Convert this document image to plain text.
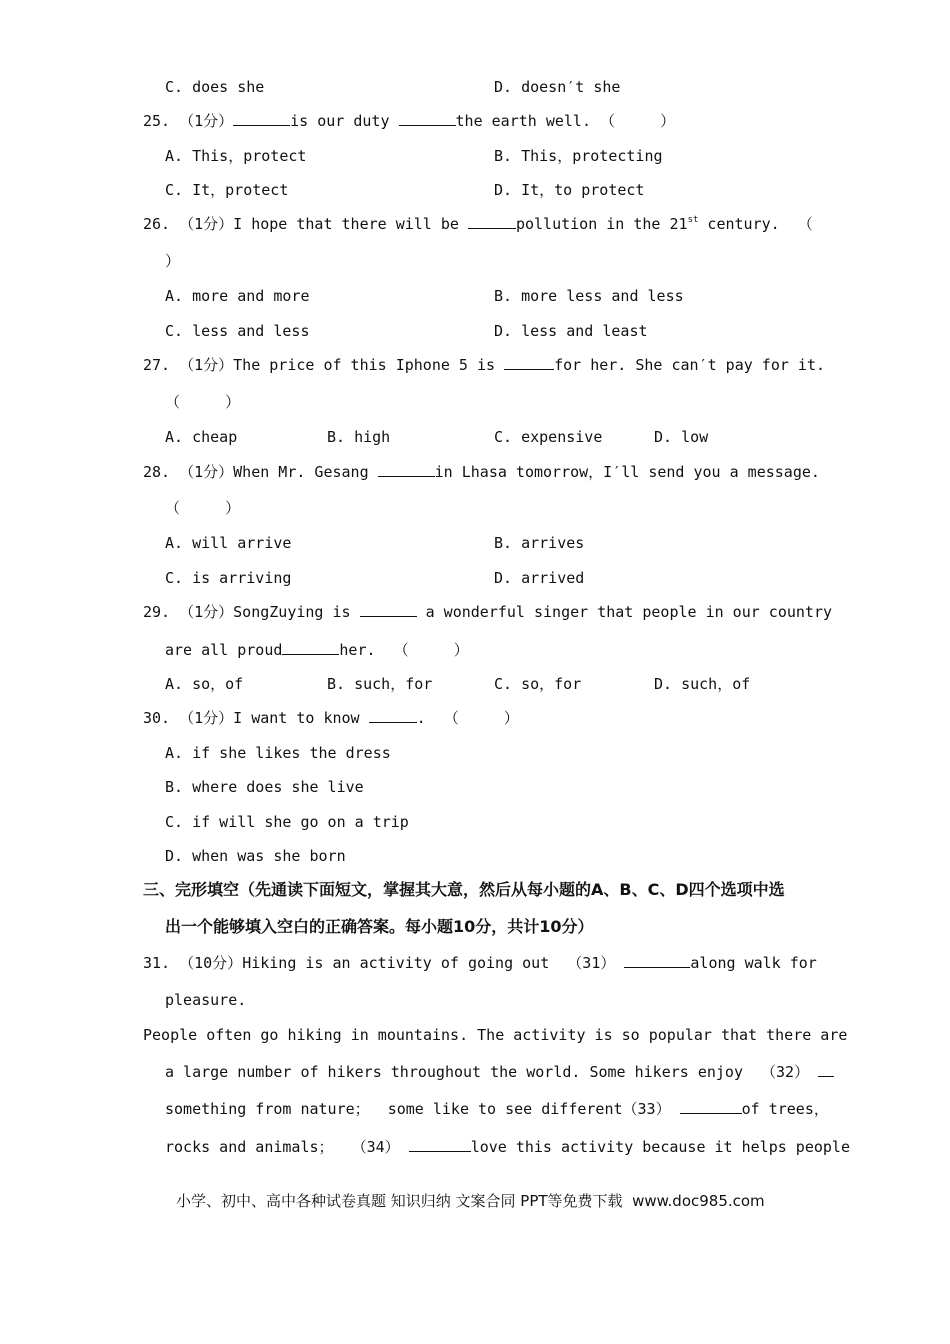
C. does she	D. doesn′t she
25. （1分）	is our duty	the earth well. （     ）
A. This，protect	B. This，protecting
C. It，protect	D. It，to protect
26. （1分）I hope that there will be	pollution in the 21st century.  （
）
A. more and more	B. more less and less
C. less and less	D. less and least
27. （1分）The price of this Iphone 5 is	for her. She can′t pay for it.
（     ）
A. cheap	B. high	C. expensive	D. low
28. （1分）When Mr. Gesang	in Lhasa tomorrow，I′ll send you a message.
（     ）
A. will arrive	B. arrives
C. is arriving	D. arrived
29. （1分）SongZuying is	a wonderful singer that people in our country
are all proud	her.  （     ）
A. so，of	B. such，for	C. so，for	D. such，of
30. （1分）I want to know	.  （     ）
A. if she likes the dress
B. where does she live
C. if will she go on a trip
D. when was she born
三、完形填空（先通读下面短文，掌握其大意，然后从每小题的A、B、C、D四个选项中选
出一个能够填入空白的正确答案。每小题10分，共计10分）
31. （10分）Hiking is an activity of going out  （31）	along walk for
pleasure.
People often go hiking in mountains. The activity is so popular that there are
a large number of hikers throughout the world. Some hikers enjoy  （32）
something from nature；  some like to see different（33）	of trees，
rocks and animals；  （34）	love this activity because it helps people
小学、初中、高中各种试卷真题 知识归纳 文案合同 PPT等免费下载  www.doc985.com
